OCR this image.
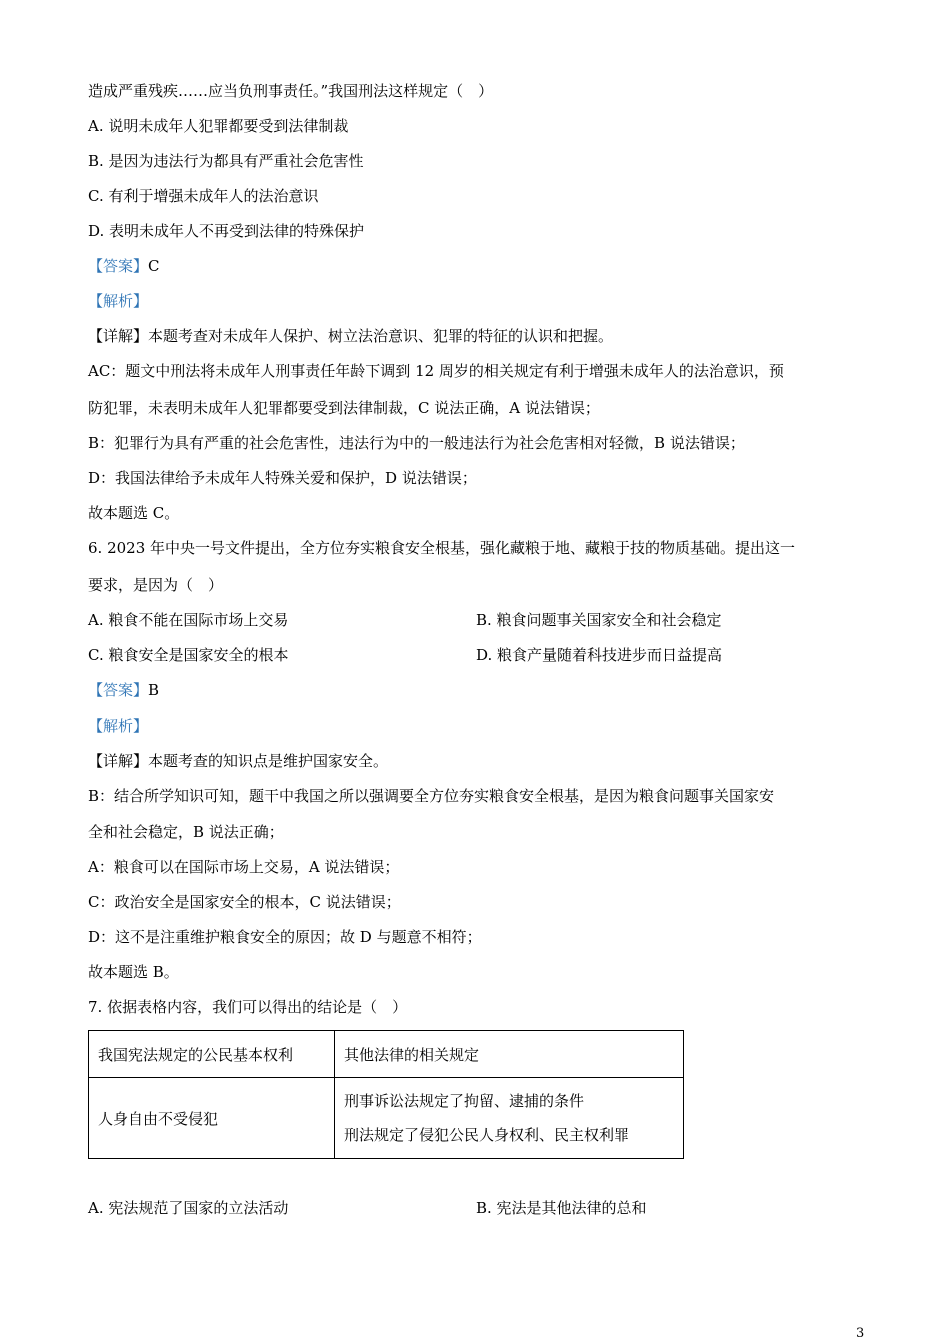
造成严重残疾……应当负刑事责任。”我国刑法这样规定（　）
A. 说明未成年人犯罪都要受到法律制裁
B. 是因为违法行为都具有严重社会危害性
C. 有利于增强未成年人的法治意识
D. 表明未成年人不再受到法律的特殊保护
【答案】C
【解析】
【详解】本题考查对未成年人保护、树立法治意识、犯罪的特征的认识和把握。
AC：题文中刑法将未成年人刑事责任年龄下调到 12 周岁的相关规定有利于增强未成年人的法治意识，预
防犯罪，未表明未成年人犯罪都要受到法律制裁，C 说法正确，A 说法错误；
B：犯罪行为具有严重的社会危害性，违法行为中的一般违法行为社会危害相对轻微，B 说法错误；
D：我国法律给予未成年人特殊关爱和保护，D 说法错误；
故本题选 C。
6. 2023 年中央一号文件提出，全方位夯实粮食安全根基，强化藏粮于地、藏粮于技的物质基础。提出这一
要求，是因为（　）
A. 粮食不能在国际市场上交易	B. 粮食问题事关国家安全和社会稳定
C. 粮食安全是国家安全的根本	D. 粮食产量随着科技进步而日益提高
【答案】B
【解析】
【详解】本题考查的知识点是维护国家安全。
B：结合所学知识可知，题干中我国之所以强调要全方位夯实粮食安全根基，是因为粮食问题事关国家安
全和社会稳定，B 说法正确；
A：粮食可以在国际市场上交易，A 说法错误；
C：政治安全是国家安全的根本，C 说法错误；
D：这不是注重维护粮食安全的原因；故 D 与题意不相符；
故本题选 B。
7. 依据表格内容，我们可以得出的结论是（　）
我国宪法规定的公民基本权利	其他法律的相关规定
人身自由不受侵犯	刑事诉讼法规定了拘留、逮捕的条件
刑法规定了侵犯公民人身权利、民主权利罪
A. 宪法规范了国家的立法活动	B. 宪法是其他法律的总和
3
